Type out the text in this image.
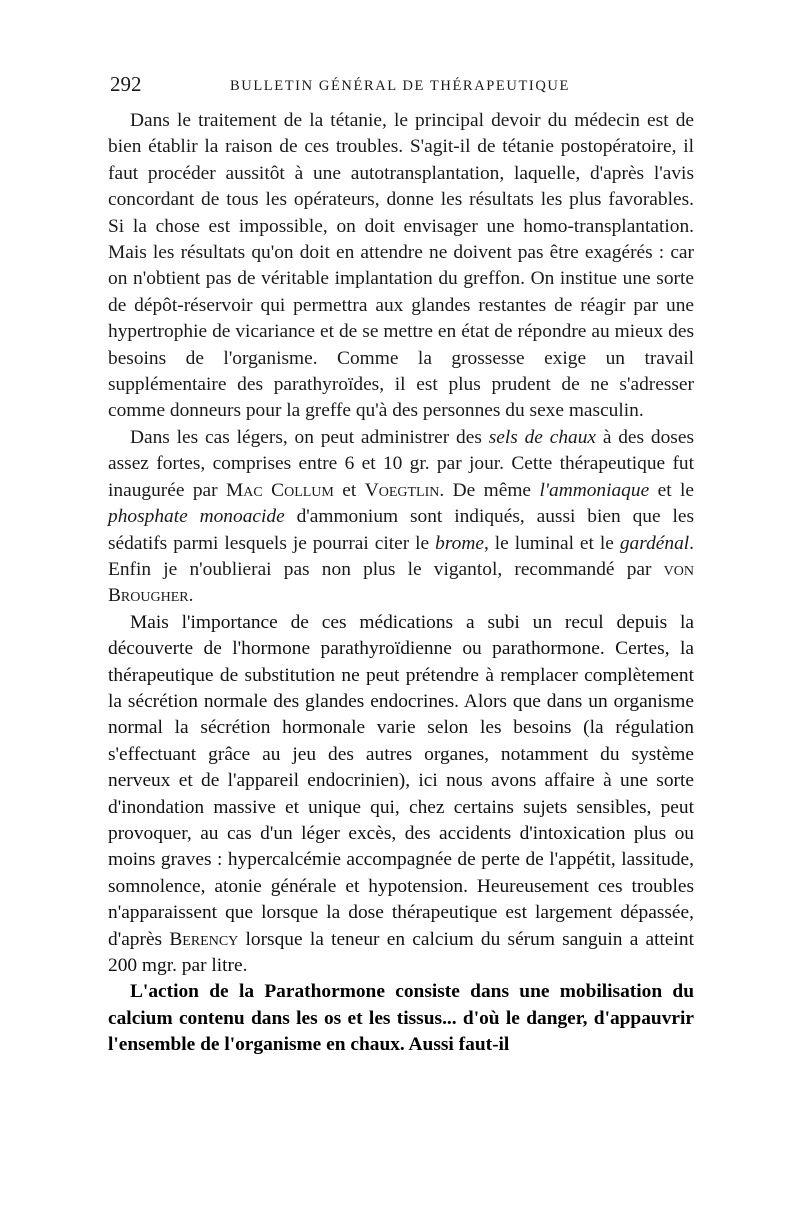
292	BULLETIN GÉNÉRAL DE THÉRAPEUTIQUE

Dans le traitement de la tétanie, le principal devoir du médecin est de bien établir la raison de ces troubles. S'agit-il de tétanie postopératoire, il faut procéder aussitôt à une autotransplantation, laquelle, d'après l'avis concordant de tous les opérateurs, donne les résultats les plus favorables. Si la chose est impossible, on doit envisager une homo-transplantation. Mais les résultats qu'on doit en attendre ne doivent pas être exagérés : car on n'obtient pas de véritable implantation du greffon. On institue une sorte de dépôt-réservoir qui permettra aux glandes restantes de réagir par une hypertrophie de vicariance et de se mettre en état de répondre au mieux des besoins de l'organisme. Comme la grossesse exige un travail supplémentaire des parathyroïdes, il est plus prudent de ne s'adresser comme donneurs pour la greffe qu'à des personnes du sexe masculin.

Dans les cas légers, on peut administrer des sels de chaux à des doses assez fortes, comprises entre 6 et 10 gr. par jour. Cette thérapeutique fut inaugurée par Mac Collum et Voegtlin. De même l'ammoniaque et le phosphate monoacide d'ammonium sont indiqués, aussi bien que les sédatifs parmi lesquels je pourrai citer le brome, le luminal et le gardénal. Enfin je n'oublierai pas non plus le vigantol, recommandé par von Brougher.

Mais l'importance de ces médications a subi un recul depuis la découverte de l'hormone parathyroïdienne ou parathormone. Certes, la thérapeutique de substitution ne peut prétendre à remplacer complètement la sécrétion normale des glandes endocrines. Alors que dans un organisme normal la sécrétion hormonale varie selon les besoins (la régulation s'effectuant grâce au jeu des autres organes, notamment du système nerveux et de l'appareil endocrinien), ici nous avons affaire à une sorte d'inondation massive et unique qui, chez certains sujets sensibles, peut provoquer, au cas d'un léger excès, des accidents d'intoxication plus ou moins graves : hypercalcémie accompagnée de perte de l'appétit, lassitude, somnolence, atonie générale et hypotension. Heureusement ces troubles n'apparaissent que lorsque la dose thérapeutique est largement dépassée, d'après Berency lorsque la teneur en calcium du sérum sanguin a atteint 200 mgr. par litre.

L'action de la Parathormone consiste dans une mobilisation du calcium contenu dans les os et les tissus... d'où le danger, d'appauvrir l'ensemble de l'organisme en chaux. Aussi faut-il
